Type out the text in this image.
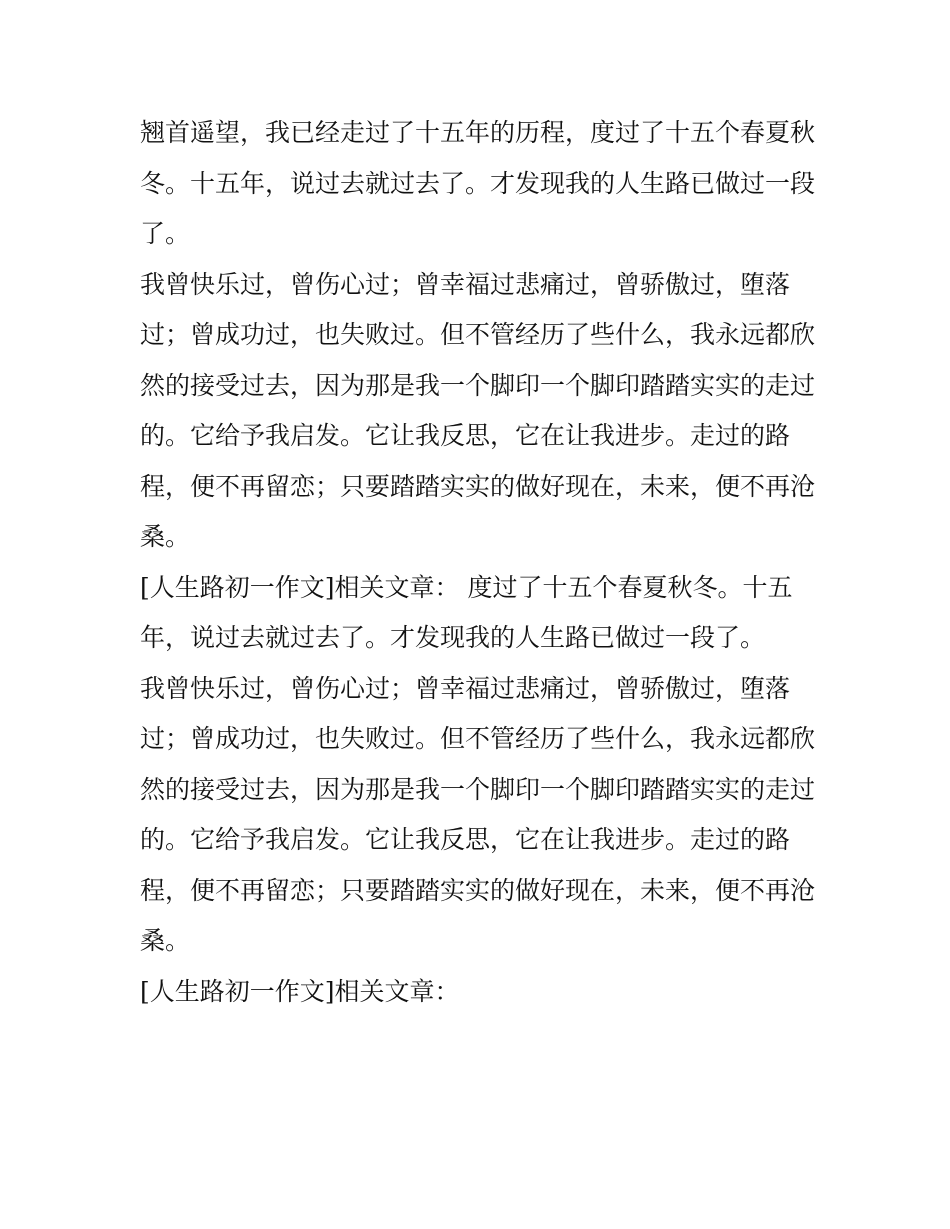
翘首遥望，我已经走过了十五年的历程，度过了十五个春夏秋
冬。十五年，说过去就过去了。才发现我的人生路已做过一段
了。

我曾快乐过，曾伤心过；曾幸福过悲痛过，曾骄傲过，堕落
过；曾成功过，也失败过。但不管经历了些什么，我永远都欣
然的接受过去，因为那是我一个脚印一个脚印踏踏实实的走过
的。它给予我启发。它让我反思，它在让我进步。走过的路
程，便不再留恋；只要踏踏实实的做好现在，未来，便不再沧
桑。

[人生路初一作文]相关文章： 度过了十五个春夏秋冬。十五
年，说过去就过去了。才发现我的人生路已做过一段了。

我曾快乐过，曾伤心过；曾幸福过悲痛过，曾骄傲过，堕落
过；曾成功过，也失败过。但不管经历了些什么，我永远都欣
然的接受过去，因为那是我一个脚印一个脚印踏踏实实的走过
的。它给予我启发。它让我反思，它在让我进步。走过的路
程，便不再留恋；只要踏踏实实的做好现在，未来，便不再沧
桑。

[人生路初一作文]相关文章：
